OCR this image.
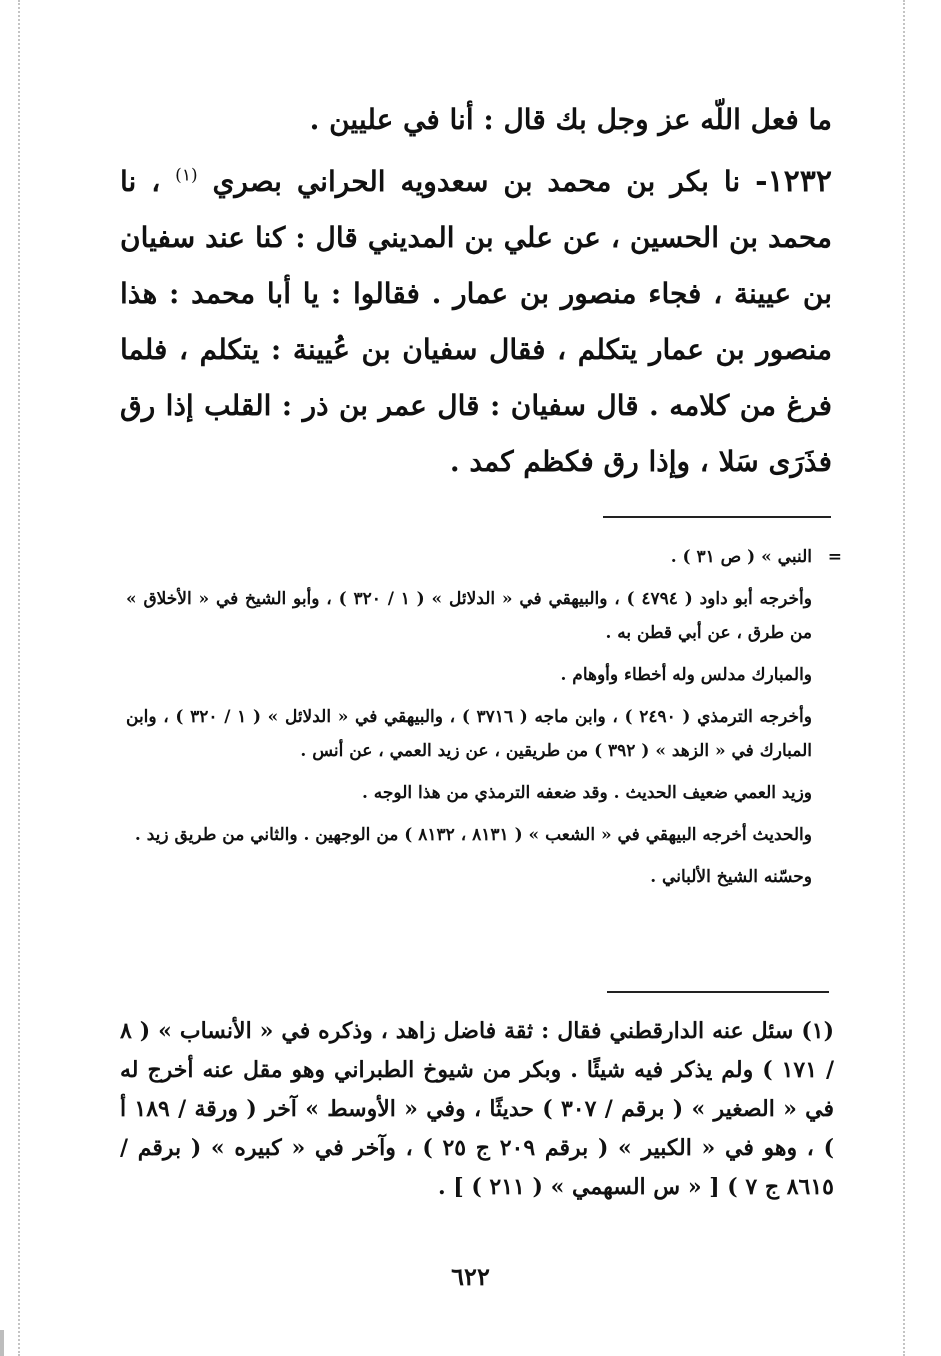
ما فعل اللّه عز وجل بك قال : أنا في عليين .

١٢٣٢- نا بكر بن محمد بن سعدويه الحراني بصري $^{(١)}$ ، نا محمد بن الحسين ، عن علي بن المديني قال : كنا عند سفيان بن عيينة ، فجاء منصور بن عمار . فقالوا : يا أبا محمد : هذا منصور بن عمار يتكلم ، فقال سفيان بن عُيينة : يتكلم ، فلما فرغ من كلامه . قال سفيان : قال عمر بن ذر : القلب إذا رق فذَرَى سَلا ، وإذا رق فكظم كمد .

=

النبي » ( ص ٣١ ) .

وأخرجه أبو داود ( ٤٧٩٤ ) ، والبيهقي في « الدلائل » ( ١ / ٣٢٠ ) ، وأبو الشيخ في « الأخلاق » من طرق ، عن أبي قطن به .

والمبارك مدلس وله أخطاء وأوهام .

وأخرجه الترمذي ( ٢٤٩٠ ) ، وابن ماجه ( ٣٧١٦ ) ، والبيهقي في « الدلائل » ( ١ / ٣٢٠ ) ، وابن المبارك في « الزهد » ( ٣٩٢ ) من طريقين ، عن زيد العمي ، عن أنس .

وزيد العمي ضعيف الحديث . وقد ضعفه الترمذي من هذا الوجه .

والحديث أخرجه البيهقي في « الشعب » ( ٨١٣١ ، ٨١٣٢ ) من الوجهين . والثاني من طريق زيد .

وحسّنه الشيخ الألباني .

(١) سئل عنه الدارقطني فقال : ثقة فاضل زاهد ، وذكره في « الأنساب » ( ٨ / ١٧١ ) ولم يذكر فيه شيئًا . وبكر من شيوخ الطبراني وهو مقل عنه أخرج له في « الصغير » ( برقم / ٣٠٧ ) حديثًا ، وفي « الأوسط » آخر ( ورقة / ١٨٩ أ ) ، وهو في « الكبير » ( برقم ٢٠٩ ج ٢٥ ) ، وآخر في « كبيره » ( برقم / ٨٦١٥ ج ٧ ) [ « س السهمي » ( ٢١١ ) ] .

٦٢٢
